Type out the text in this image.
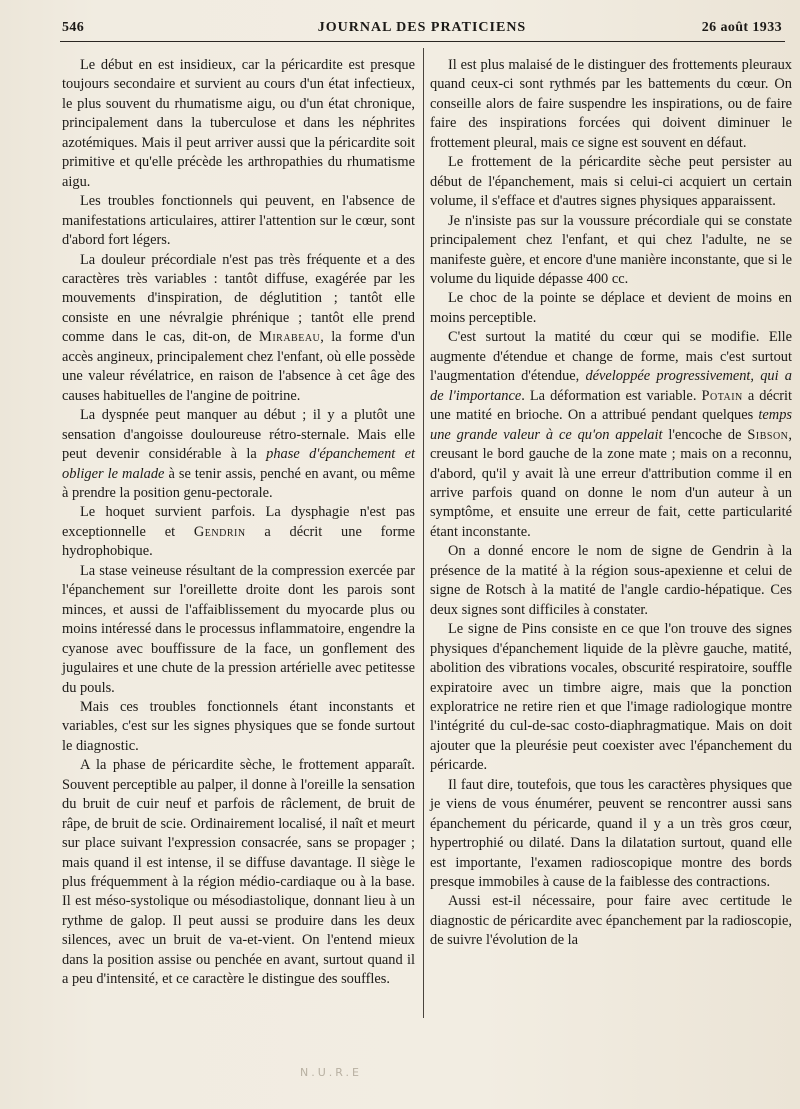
546	JOURNAL DES PRATICIENS	26 août 1933

Le début en est insidieux, car la péricardite est presque toujours secondaire et survient au cours d'un état infectieux, le plus souvent du rhumatisme aigu, ou d'un état chronique, principalement dans la tuberculose et dans les néphrites azotémiques. Mais il peut arriver aussi que la péricardite soit primitive et qu'elle précède les arthropathies du rhumatisme aigu.

Les troubles fonctionnels qui peuvent, en l'absence de manifestations articulaires, attirer l'attention sur le cœur, sont d'abord fort légers.

La douleur précordiale n'est pas très fréquente et a des caractères très variables : tantôt diffuse, exagérée par les mouvements d'inspiration, de déglutition ; tantôt elle consiste en une névralgie phrénique ; tantôt elle prend comme dans le cas, dit-on, de Mirabeau, la forme d'un accès angineux, principalement chez l'enfant, où elle possède une valeur révélatrice, en raison de l'absence à cet âge des causes habituelles de l'angine de poitrine.

La dyspnée peut manquer au début ; il y a plutôt une sensation d'angoisse douloureuse rétro-sternale. Mais elle peut devenir considérable à la phase d'épanchement et obliger le malade à se tenir assis, penché en avant, ou même à prendre la position genu-pectorale.

Le hoquet survient parfois. La dysphagie n'est pas exceptionnelle et Gendrin a décrit une forme hydrophobique.

La stase veineuse résultant de la compression exercée par l'épanchement sur l'oreillette droite dont les parois sont minces, et aussi de l'affaiblissement du myocarde plus ou moins intéressé dans le processus inflammatoire, engendre la cyanose avec bouffissure de la face, un gonflement des jugulaires et une chute de la pression artérielle avec petitesse du pouls.

Mais ces troubles fonctionnels étant inconstants et variables, c'est sur les signes physiques que se fonde surtout le diagnostic.

A la phase de péricardite sèche, le frottement apparaît. Souvent perceptible au palper, il donne à l'oreille la sensation du bruit de cuir neuf et parfois de râclement, de bruit de râpe, de bruit de scie. Ordinairement localisé, il naît et meurt sur place suivant l'expression consacrée, sans se propager ; mais quand il est intense, il se diffuse davantage. Il siège le plus fréquemment à la région médio-cardiaque ou à la base. Il est méso-systolique ou mésodiastolique, donnant lieu à un rythme de galop. Il peut aussi se produire dans les deux silences, avec un bruit de va-et-vient. On l'entend mieux dans la position assise ou penchée en avant, surtout quand il a peu d'intensité, et ce caractère le distingue des souffles.

Il est plus malaisé de le distinguer des frottements pleuraux quand ceux-ci sont rythmés par les battements du cœur. On conseille alors de faire suspendre les inspirations, ou de faire faire des inspirations forcées qui doivent diminuer le frottement pleural, mais ce signe est souvent en défaut.

Le frottement de la péricardite sèche peut persister au début de l'épanchement, mais si celui-ci acquiert un certain volume, il s'efface et d'autres signes physiques apparaissent.

Je n'insiste pas sur la voussure précordiale qui se constate principalement chez l'enfant, et qui chez l'adulte, ne se manifeste guère, et encore d'une manière inconstante, que si le volume du liquide dépasse 400 cc.

Le choc de la pointe se déplace et devient de moins en moins perceptible.

C'est surtout la matité du cœur qui se modifie. Elle augmente d'étendue et change de forme, mais c'est surtout l'augmentation d'étendue, développée progressivement, qui a de l'importance. La déformation est variable. Potain a décrit une matité en brioche. On a attribué pendant quelques temps une grande valeur à ce qu'on appelait l'encoche de Sibson, creusant le bord gauche de la zone mate ; mais on a reconnu, d'abord, qu'il y avait là une erreur d'attribution comme il en arrive parfois quand on donne le nom d'un auteur à un symptôme, et ensuite une erreur de fait, cette particularité étant inconstante.

On a donné encore le nom de signe de Gendrin à la présence de la matité à la région sous-apexienne et celui de signe de Rotsch à la matité de l'angle cardio-hépatique. Ces deux signes sont difficiles à constater.

Le signe de Pins consiste en ce que l'on trouve des signes physiques d'épanchement liquide de la plèvre gauche, matité, abolition des vibrations vocales, obscurité respiratoire, souffle expiratoire avec un timbre aigre, mais que la ponction exploratrice ne retire rien et que l'image radiologique montre l'intégrité du cul-de-sac costo-diaphragmatique. Mais on doit ajouter que la pleurésie peut coexister avec l'épanchement du péricarde.

Il faut dire, toutefois, que tous les caractères physiques que je viens de vous énumérer, peuvent se rencontrer aussi sans épanchement du péricarde, quand il y a un très gros cœur, hypertrophié ou dilaté. Dans la dilatation surtout, quand elle est importante, l'examen radioscopique montre des bords presque immobiles à cause de la faiblesse des contractions.

Aussi est-il nécessaire, pour faire avec certitude le diagnostic de péricardite avec épanchement par la radioscopie, de suivre l'évolution de la

N.U.R.E
